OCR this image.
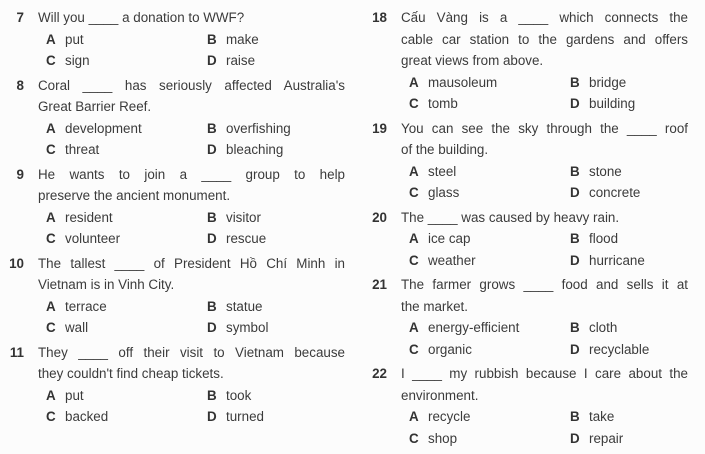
7 Will you ____ a donation to WWF?
A put	B make
C sign	D raise
8 Coral ____ has seriously affected Australia's
Great Barrier Reef.
A development	B overfishing
C threat	D bleaching
9 He wants to join a ____ group to help
preserve the ancient monument.
A resident	B visitor
C volunteer	D rescue
10 The tallest ____ of President Hồ Chí Minh in
Vietnam is in Vinh City.
A terrace	B statue
C wall	D symbol
11 They ____ off their visit to Vietnam because
they couldn't find cheap tickets.
A put	B took
C backed	D turned
18 Cấu Vàng is a ____ which connects the
cable car station to the gardens and offers
great views from above.
A mausoleum	B bridge
C tomb	D building
19 You can see the sky through the ____ roof
of the building.
A steel	B stone
C glass	D concrete
20 The ____ was caused by heavy rain.
A ice cap	B flood
C weather	D hurricane
21 The farmer grows ____ food and sells it at
the market.
A energy-efficient	B cloth
C organic	D recyclable
22 I ____ my rubbish because I care about the
environment.
A recycle	B take
C shop	D repair
